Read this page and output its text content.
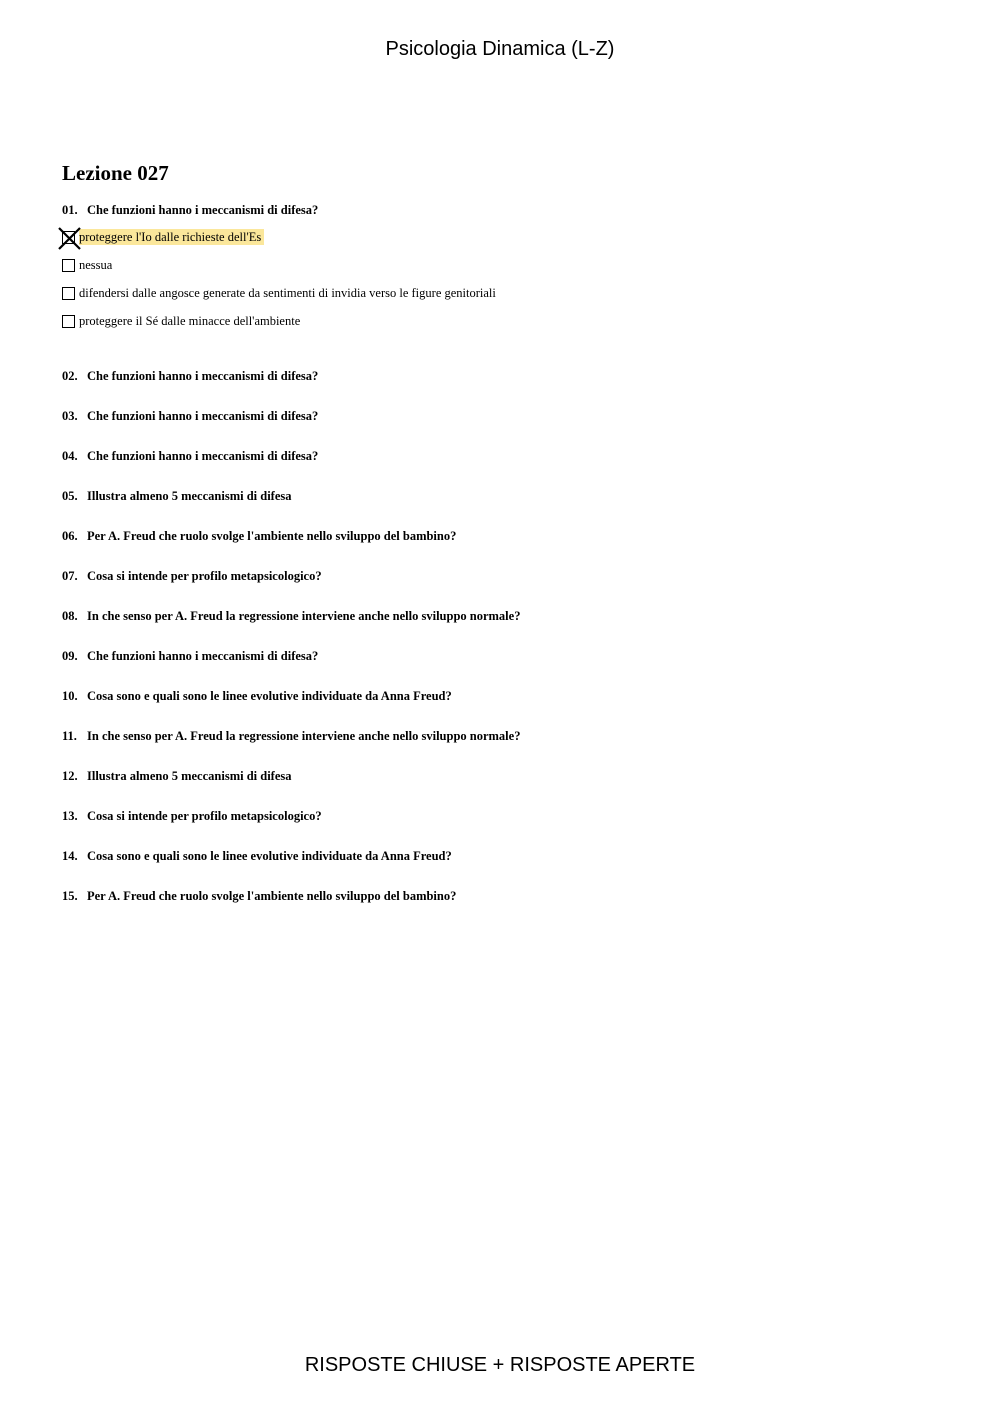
Psicologia Dinamica (L-Z)
Lezione 027
01. Che funzioni hanno i meccanismi di difesa?
proteggere l'Io dalle richieste dell'Es
nessua
difendersi dalle angosce generate da sentimenti di invidia verso le figure genitoriali
proteggere il Sé dalle minacce dell'ambiente
02. Che funzioni hanno i meccanismi di difesa?
03. Che funzioni hanno i meccanismi di difesa?
04. Che funzioni hanno i meccanismi di difesa?
05. Illustra almeno 5 meccanismi di difesa
06. Per A. Freud che ruolo svolge l'ambiente nello sviluppo del bambino?
07. Cosa si intende per profilo metapsicologico?
08. In che senso per A. Freud la regressione interviene anche nello sviluppo normale?
09. Che funzioni hanno i meccanismi di difesa?
10. Cosa sono e quali sono le linee evolutive individuate da Anna Freud?
11. In che senso per A. Freud la regressione interviene anche nello sviluppo normale?
12. Illustra almeno 5 meccanismi di difesa
13. Cosa si intende per profilo metapsicologico?
14. Cosa sono e quali sono le linee evolutive individuate da Anna Freud?
15. Per A. Freud che ruolo svolge l'ambiente nello sviluppo del bambino?
RISPOSTE CHIUSE + RISPOSTE APERTE
